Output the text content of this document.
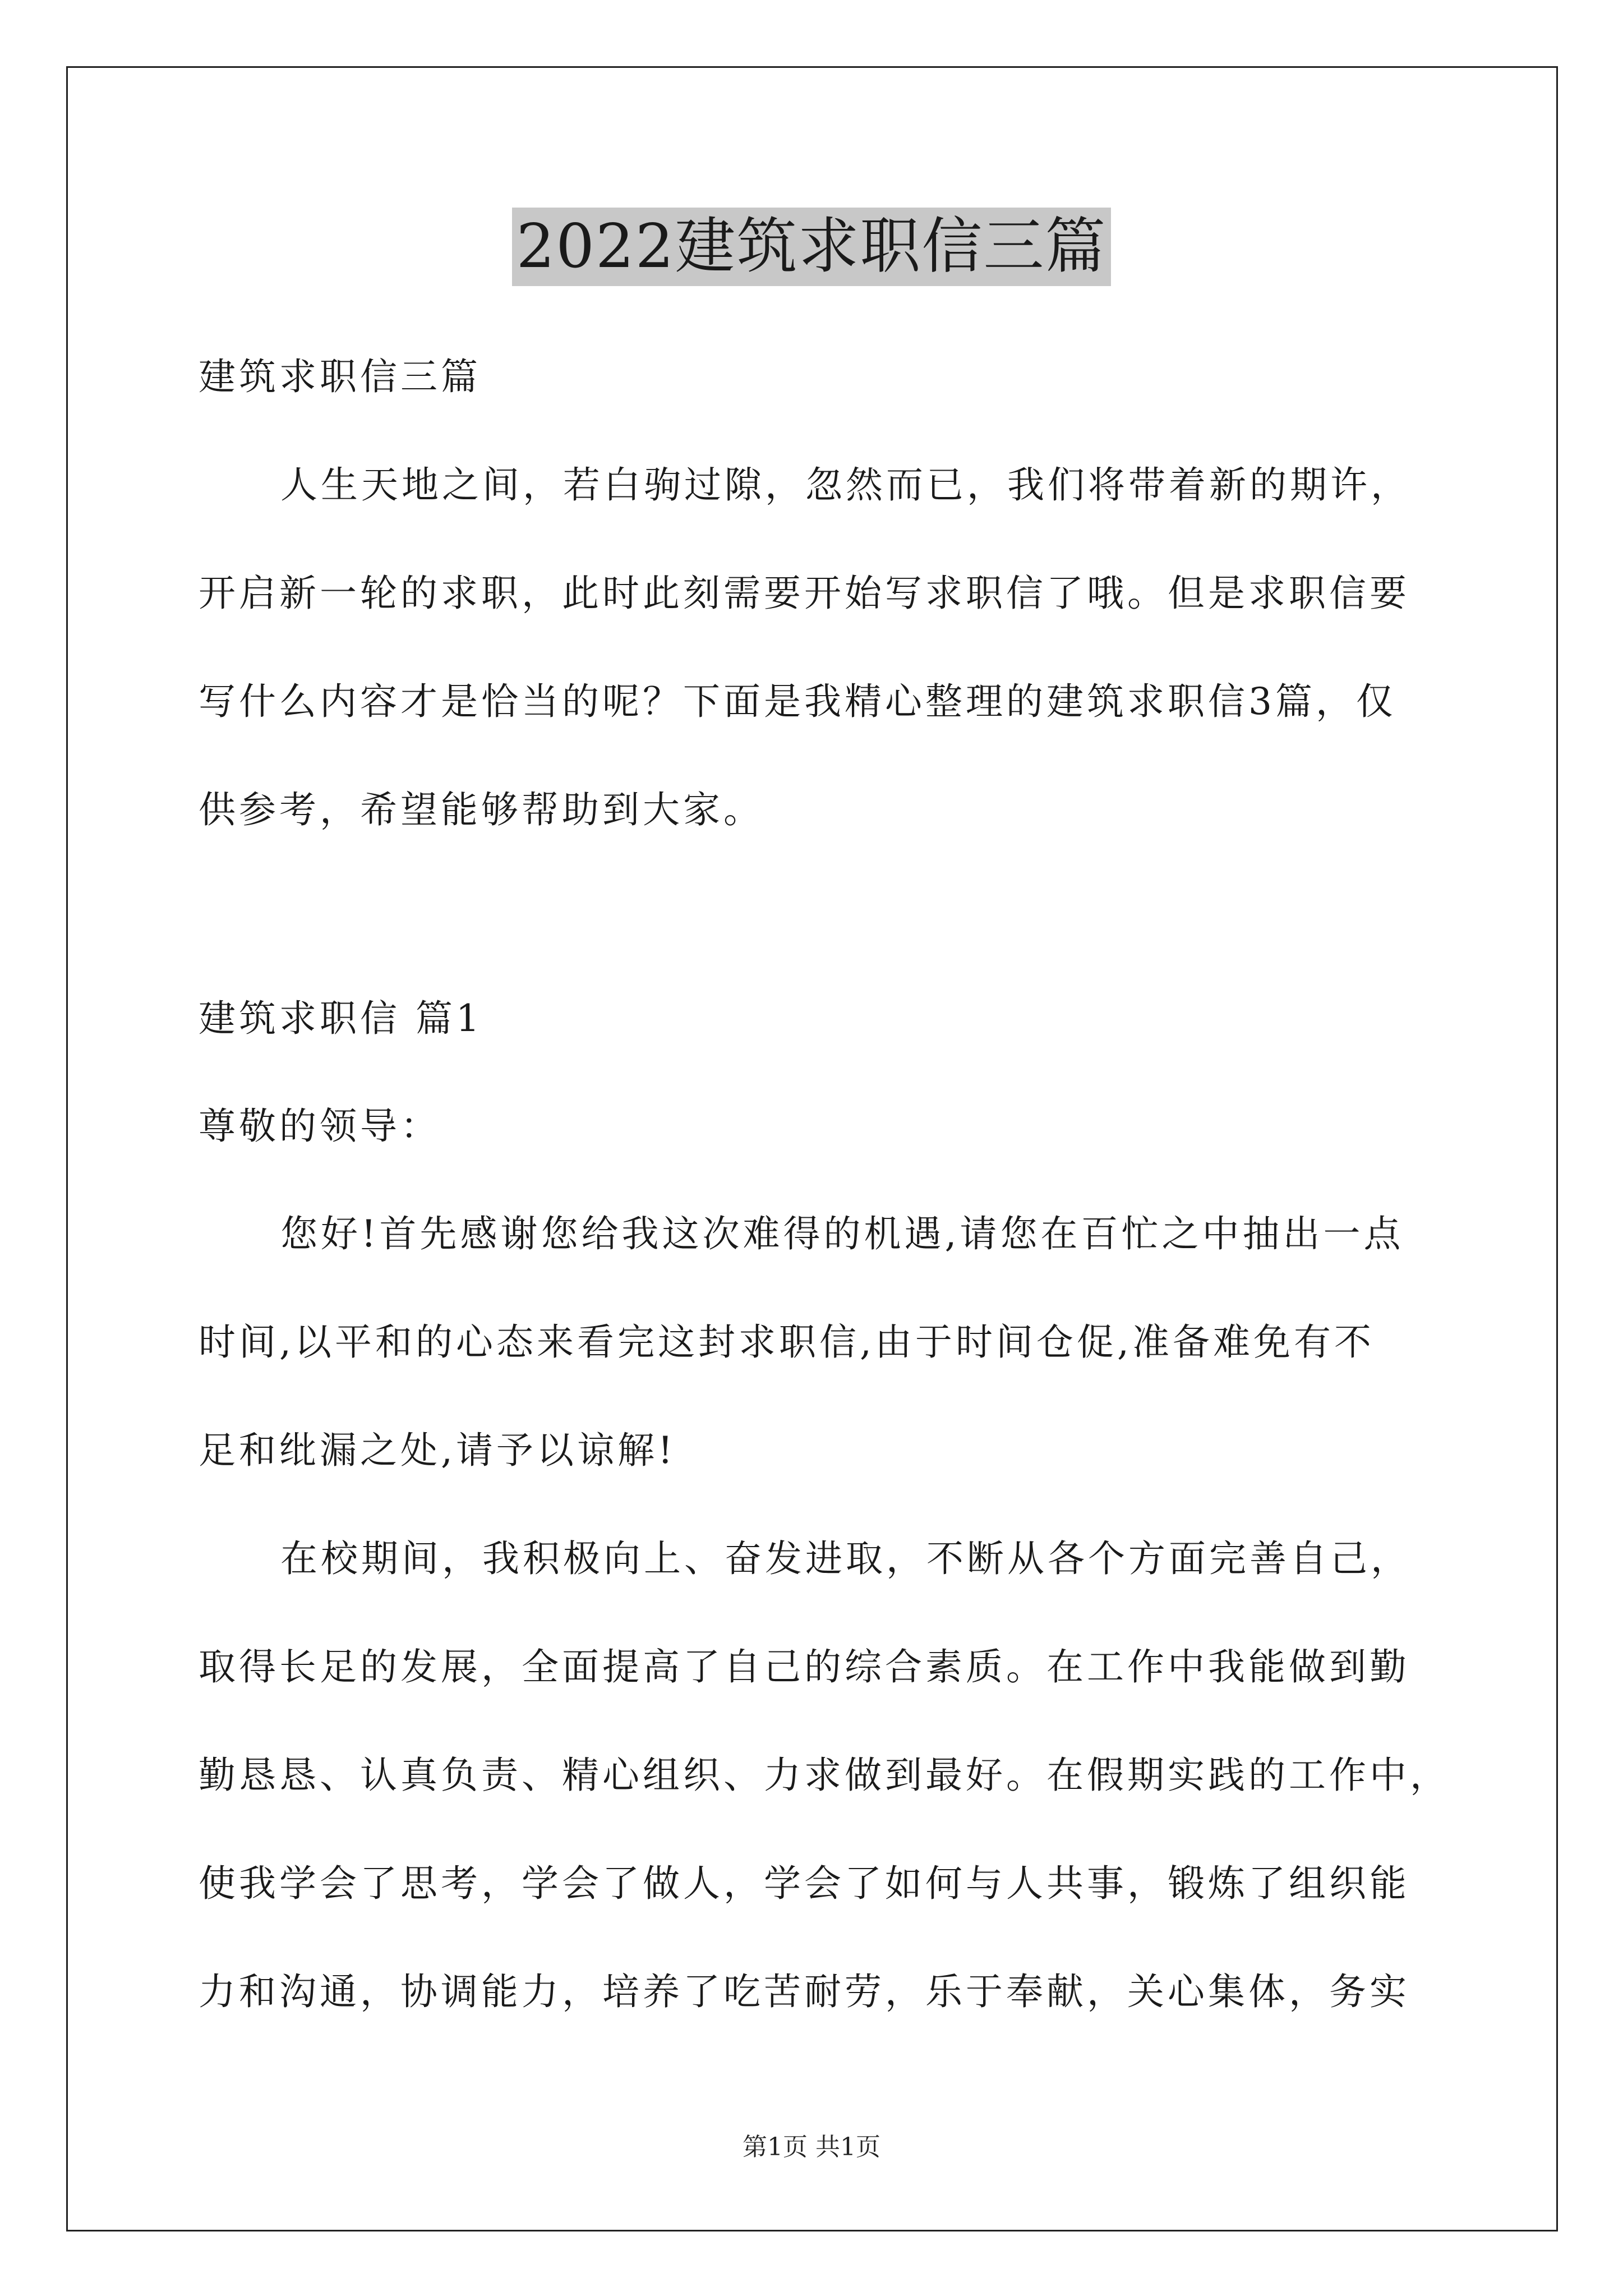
2022建筑求职信三篇
建筑求职信三篇
人生天地之间，若白驹过隙，忽然而已，我们将带着新的期许，
开启新一轮的求职，此时此刻需要开始写求职信了哦。但是求职信要
写什么内容才是恰当的呢？下面是我精心整理的建筑求职信3篇，仅
供参考，希望能够帮助到大家。
建筑求职信 篇1
尊敬的领导：
您好!首先感谢您给我这次难得的机遇,请您在百忙之中抽出一点
时间,以平和的心态来看完这封求职信,由于时间仓促,准备难免有不
足和纰漏之处,请予以谅解!
在校期间，我积极向上、奋发进取，不断从各个方面完善自己，
取得长足的发展，全面提高了自己的综合素质。在工作中我能做到勤
勤恳恳、认真负责、精心组织、力求做到最好。在假期实践的工作中，
使我学会了思考，学会了做人，学会了如何与人共事，锻炼了组织能
力和沟通，协调能力，培养了吃苦耐劳，乐于奉献，关心集体，务实
第1页 共1页
